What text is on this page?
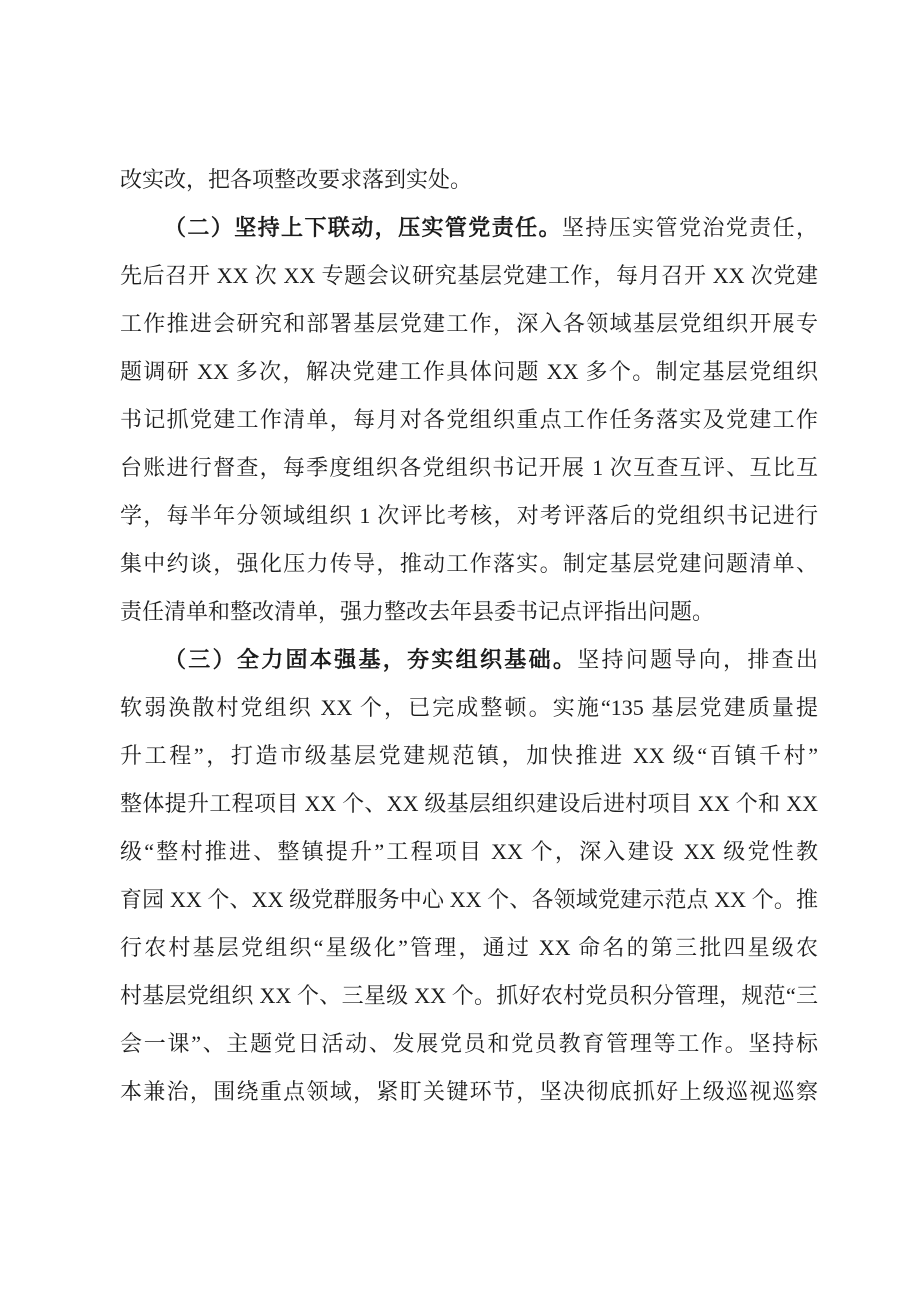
改实改，把各项整改要求落到实处。
（二）坚持上下联动，压实管党责任。坚持压实管党治党责任，
先后召开 XX 次 XX 专题会议研究基层党建工作，每月召开 XX 次党建
工作推进会研究和部署基层党建工作，深入各领域基层党组织开展专
题调研 XX 多次，解决党建工作具体问题 XX 多个。制定基层党组织
书记抓党建工作清单，每月对各党组织重点工作任务落实及党建工作
台账进行督查，每季度组织各党组织书记开展 1 次互查互评、互比互
学，每半年分领域组织 1 次评比考核，对考评落后的党组织书记进行
集中约谈，强化压力传导，推动工作落实。制定基层党建问题清单、
责任清单和整改清单，强力整改去年县委书记点评指出问题。
（三）全力固本强基，夯实组织基础。坚持问题导向，排查出
软弱涣散村党组织 XX 个，已完成整顿。实施“135 基层党建质量提
升工程”，打造市级基层党建规范镇，加快推进 XX 级“百镇千村”
整体提升工程项目 XX 个、XX 级基层组织建设后进村项目 XX 个和 XX
级“整村推进、整镇提升”工程项目 XX 个，深入建设 XX 级党性教
育园 XX 个、XX 级党群服务中心 XX 个、各领域党建示范点 XX 个。推
行农村基层党组织“星级化”管理，通过 XX 命名的第三批四星级农
村基层党组织 XX 个、三星级 XX 个。抓好农村党员积分管理，规范“三
会一课”、主题党日活动、发展党员和党员教育管理等工作。坚持标
本兼治，围绕重点领域，紧盯关键环节，坚决彻底抓好上级巡视巡察
